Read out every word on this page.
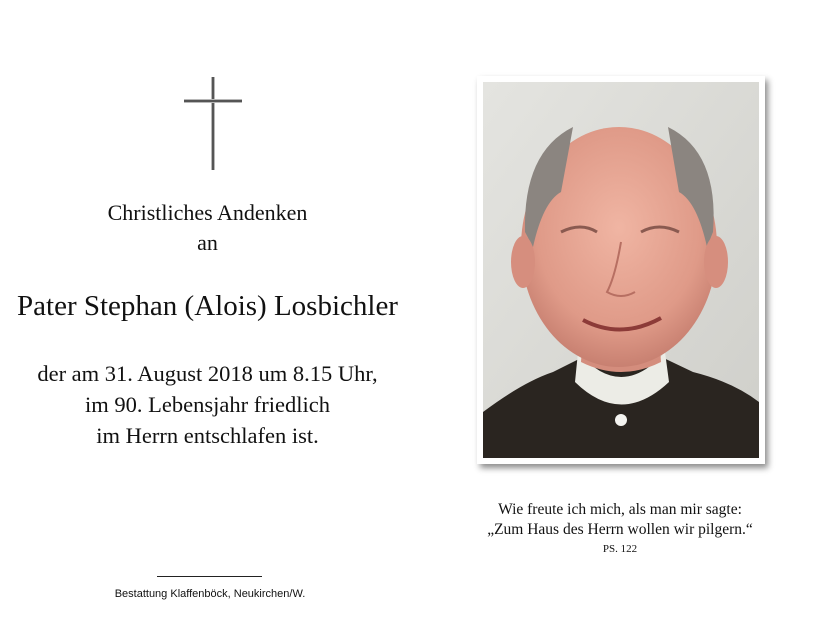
Christliches Andenken
an
Pater Stephan (Alois) Losbichler
der am 31. August 2018 um 8.15 Uhr,
im 90. Lebensjahr friedlich
im Herrn entschlafen ist.
Wie freute ich mich, als man mir sagte:
„Zum Haus des Herrn wollen wir pilgern.“
PS. 122
Bestattung Klaffenböck, Neukirchen/W.
